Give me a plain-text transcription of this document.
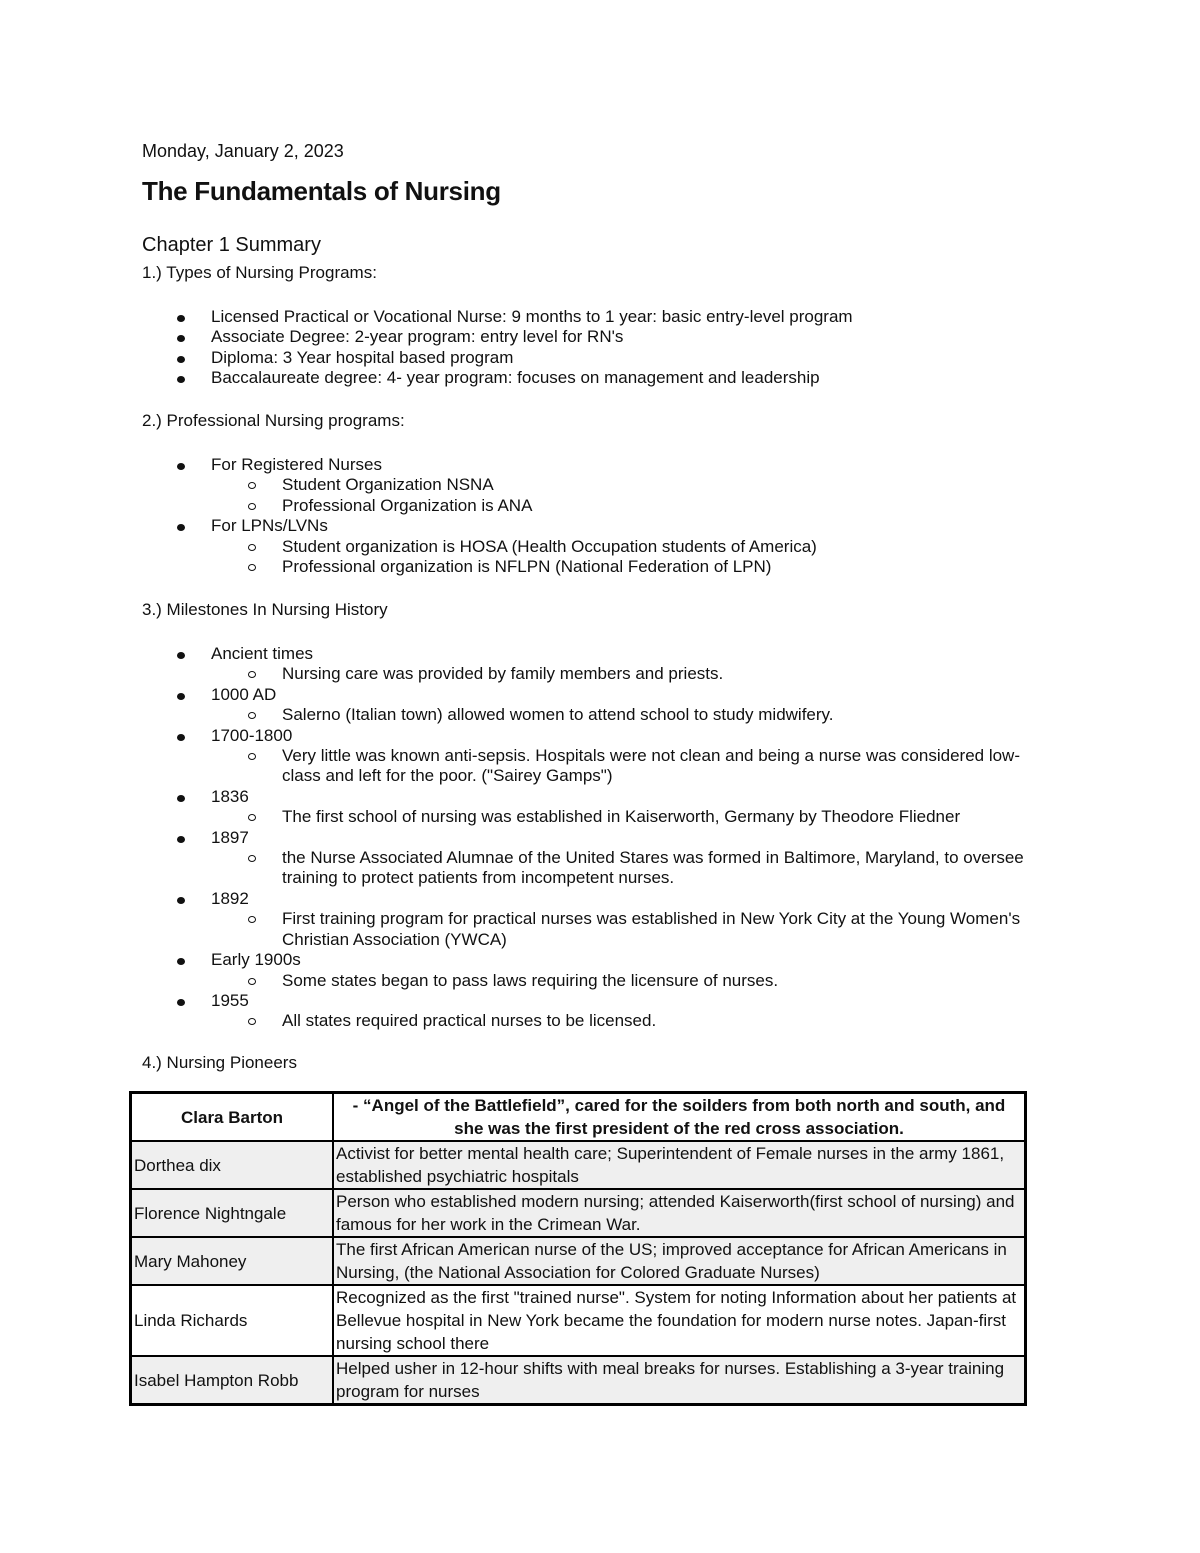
Monday, January 2, 2023
The Fundamentals of Nursing
Chapter 1 Summary
1.) Types of Nursing Programs:
Licensed Practical or Vocational Nurse: 9 months to 1 year: basic entry-level program
Associate Degree: 2-year program: entry level for RN's
Diploma: 3 Year hospital based program
Baccalaureate degree: 4- year program: focuses on management and leadership
2.) Professional Nursing programs:
For Registered Nurses
Student Organization NSNA
Professional Organization is ANA
For LPNs/LVNs
Student organization is HOSA (Health Occupation students of America)
Professional organization is NFLPN (National Federation of LPN)
3.) Milestones In Nursing History
Ancient times
Nursing care was provided by family members and priests.
1000 AD
Salerno (Italian town) allowed women to attend school to study midwifery.
1700-1800
Very little was known anti-sepsis. Hospitals were not clean and being a nurse was considered low-class and left for the poor. ("Sairey Gamps")
1836
The first school of nursing was established in Kaiserworth, Germany by Theodore Fliedner
1897
the Nurse Associated Alumnae of the United Stares was formed in Baltimore, Maryland, to oversee training to protect patients from incompetent nurses.
1892
First training program for practical nurses was established in New York City at the Young Women's Christian Association (YWCA)
Early 1900s
Some states began to pass laws requiring the licensure of nurses.
1955
All states required practical nurses to be licensed.
4.) Nursing Pioneers
Clara Barton	- “Angel of the Battlefield”, cared for the soilders from both north and south, and she was the first president of the red cross association.
Dorthea dix	Activist for better mental health care; Superintendent of Female nurses in the army 1861, established psychiatric hospitals
Florence Nightngale	Person who established modern nursing; attended Kaiserworth(first school of nursing) and famous for her work in the Crimean War.
Mary Mahoney	The first African American nurse of the US; improved acceptance for African Americans in Nursing, (the National Association for Colored Graduate Nurses)
Linda Richards	Recognized as the first "trained nurse". System for noting Information about her patients at Bellevue hospital in New York became the foundation for modern nurse notes. Japan-first nursing school there
Isabel Hampton Robb	Helped usher in 12-hour shifts with meal breaks for nurses. Establishing a 3-year training program for nurses
